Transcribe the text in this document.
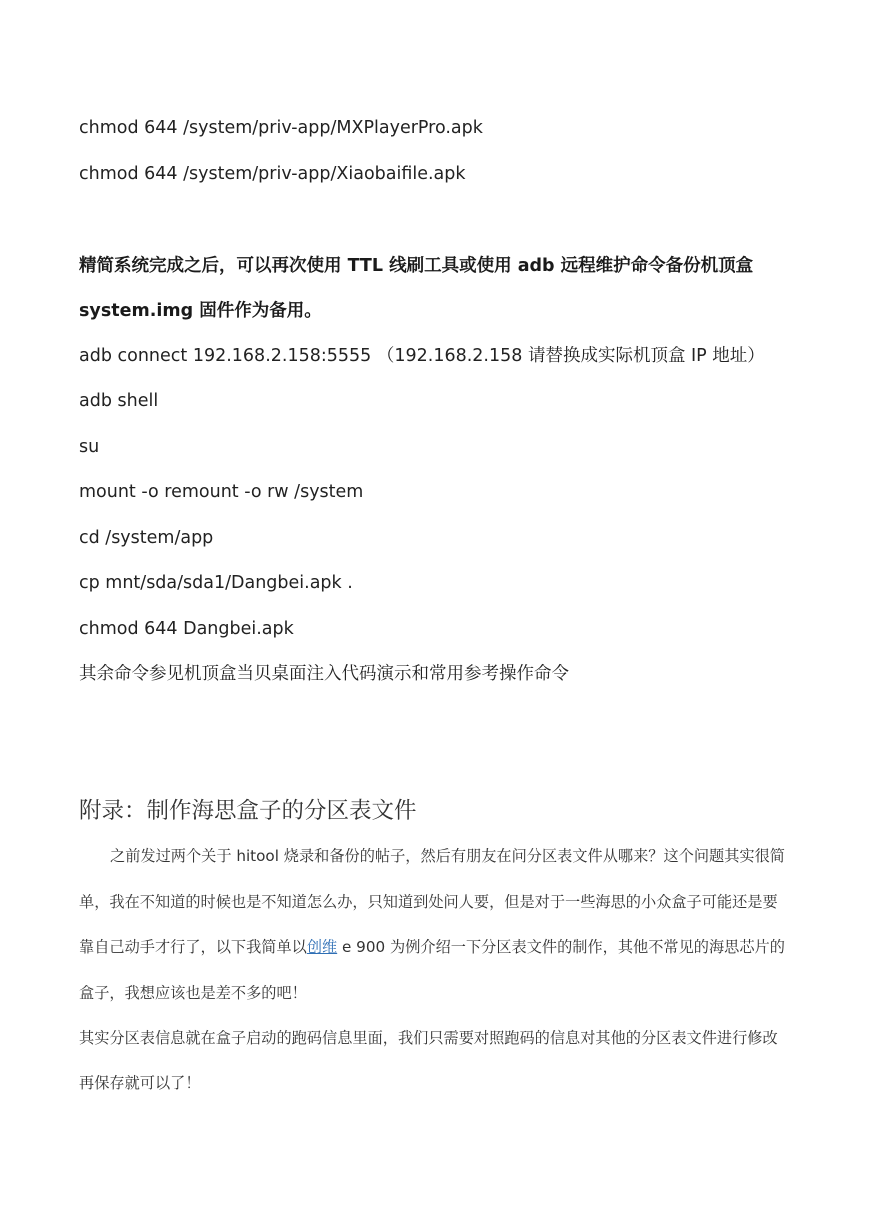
chmod 644 /system/priv-app/MXPlayerPro.apk
chmod 644 /system/priv-app/Xiaobaifile.apk
精简系统完成之后，可以再次使用 TTL 线刷工具或使用 adb 远程维护命令备份机顶盒
system.img 固件作为备用。
adb connect 192.168.2.158:5555 （192.168.2.158 请替换成实际机顶盒 IP 地址）
adb shell
su
mount -o remount -o rw /system
cd /system/app
cp mnt/sda/sda1/Dangbei.apk .
chmod 644 Dangbei.apk
其余命令参见机顶盒当贝桌面注入代码演示和常用参考操作命令
附录：制作海思盒子的分区表文件
之前发过两个关于 hitool 烧录和备份的帖子，然后有朋友在问分区表文件从哪来？这个问题其实很简
单，我在不知道的时候也是不知道怎么办，只知道到处问人要，但是对于一些海思的小众盒子可能还是要
靠自己动手才行了，以下我简单以创维 e 900 为例介绍一下分区表文件的制作，其他不常见的海思芯片的
盒子，我想应该也是差不多的吧！
其实分区表信息就在盒子启动的跑码信息里面，我们只需要对照跑码的信息对其他的分区表文件进行修改
再保存就可以了！
